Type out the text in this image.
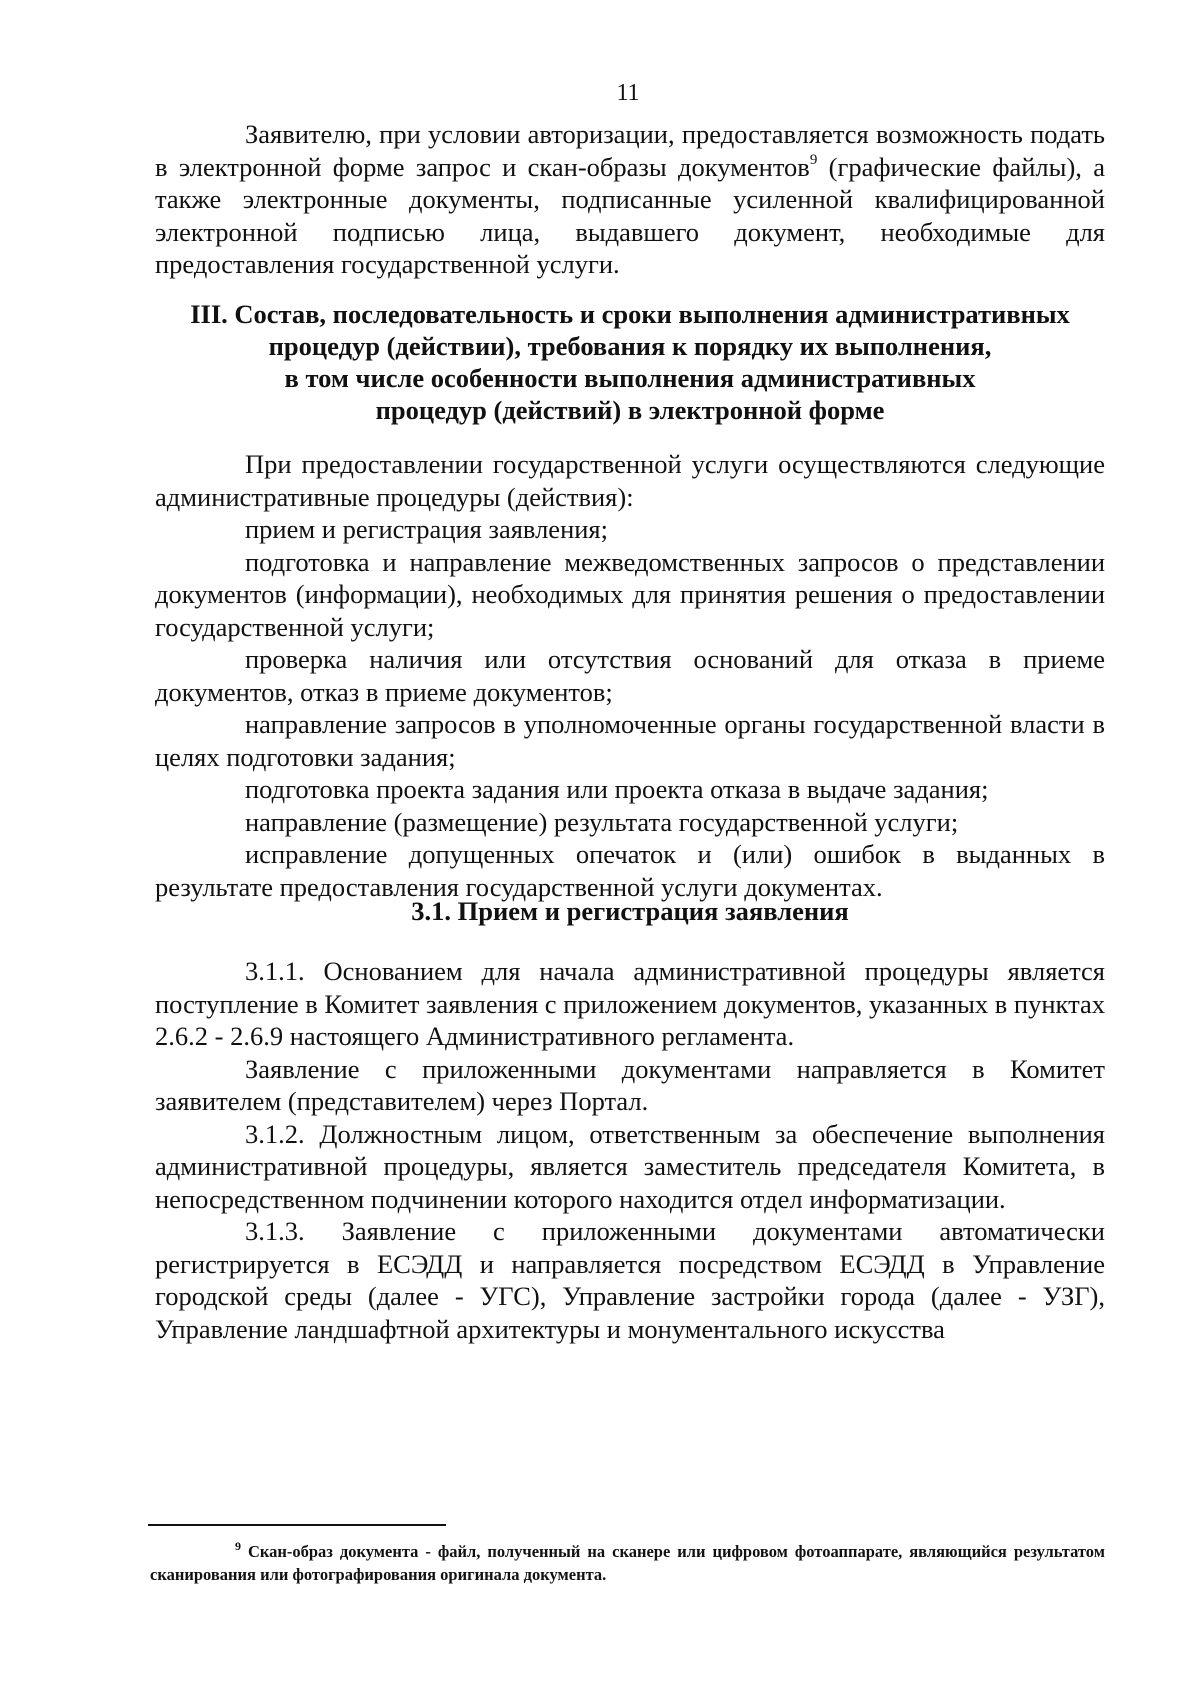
11

Заявителю, при условии авторизации, предоставляется возможность подать в электронной форме запрос и скан-образы документов$^9$ (графические файлы), а также электронные документы, подписанные усиленной квалифицированной электронной подписью лица, выдавшего документ, необходимые для предоставления государственной услуги.

III. Состав, последовательность и сроки выполнения административных
процедур (действии), требования к порядку их выполнения,
в том числе особенности выполнения административных
процедур (действий) в электронной форме

При предоставлении государственной услуги осуществляются следующие административные процедуры (действия):

прием и регистрация заявления;

подготовка и направление межведомственных запросов о представлении документов (информации), необходимых для принятия решения о предоставлении государственной услуги;

проверка наличия или отсутствия оснований для отказа в приеме документов, отказ в приеме документов;

направление запросов в уполномоченные органы государственной власти в целях подготовки задания;

подготовка проекта задания или проекта отказа в выдаче задания;

направление (размещение) результата государственной услуги;

исправление допущенных опечаток и (или) ошибок в выданных в результате предоставления государственной услуги документах.

3.1. Прием и регистрация заявления

3.1.1. Основанием для начала административной процедуры является поступление в Комитет заявления с приложением документов, указанных в пунктах 2.6.2 - 2.6.9 настоящего Административного регламента.

Заявление с приложенными документами направляется в Комитет заявителем (представителем) через Портал.

3.1.2. Должностным лицом, ответственным за обеспечение выполнения административной процедуры, является заместитель председателя Комитета, в непосредственном подчинении которого находится отдел информатизации.

3.1.3. Заявление с приложенными документами автоматически регистрируется в ЕСЭДД и направляется посредством ЕСЭДД в Управление городской среды (далее - УГС), Управление застройки города (далее - УЗГ), Управление ландшафтной архитектуры и монументального искусства

$^9$ Скан-образ документа - файл, полученный на сканере или цифровом фотоаппарате, являющийся результатом сканирования или фотографирования оригинала документа.
